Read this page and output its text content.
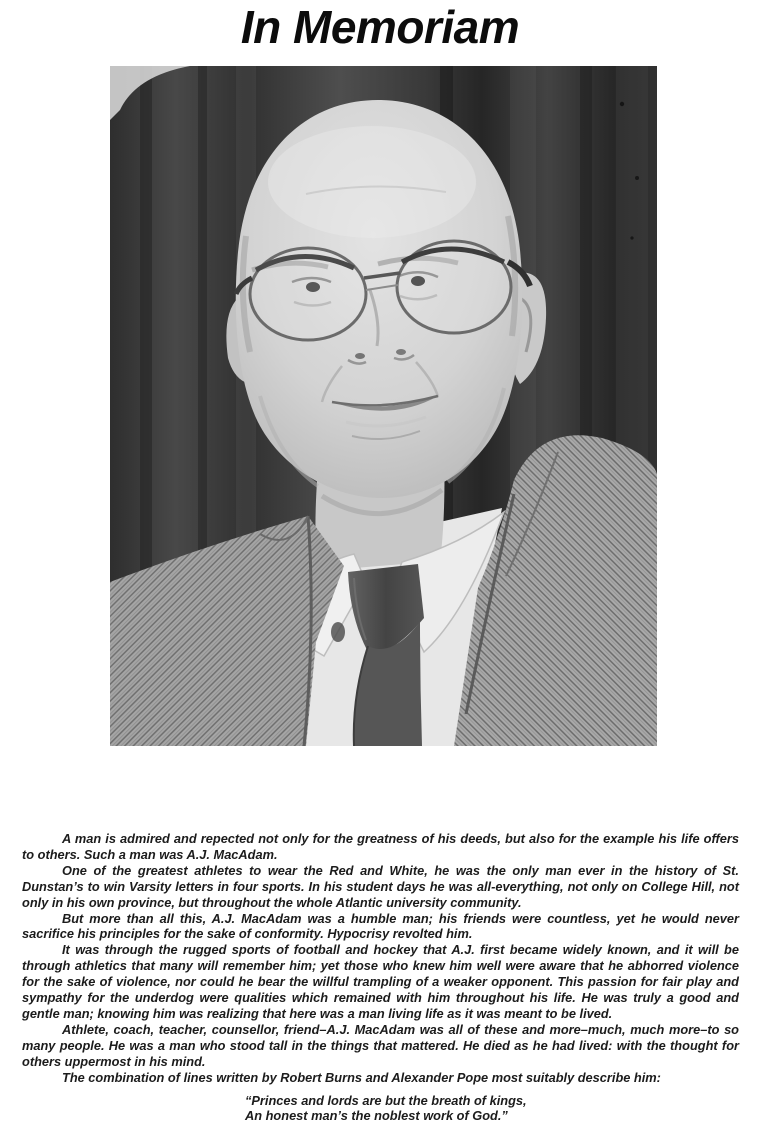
In Memoriam

A man is admired and repected not only for the greatness of his deeds, but also for the example his life offers to others. Such a man was A.J. MacAdam.

One of the greatest athletes to wear the Red and White, he was the only man ever in the history of St. Dunstan’s to win Varsity letters in four sports. In his student days he was all-everything, not only on College Hill, not only in his own province, but throughout the whole Atlantic university community.

But more than all this, A.J. MacAdam was a humble man; his friends were countless, yet he would never sacrifice his principles for the sake of conformity. Hypocrisy revolted him.

It was through the rugged sports of football and hockey that A.J. first became widely known, and it will be through athletics that many will remember him; yet those who knew him well were aware that he abhorred violence for the sake of violence, nor could he bear the willful trampling of a weaker opponent. This passion for fair play and sympathy for the underdog were qualities which remained with him throughout his life. He was truly a good and gentle man; knowing him was realizing that here was a man living life as it was meant to be lived.

Athlete, coach, teacher, counsellor, friend–A.J. MacAdam was all of these and more–much, much more–to so many people. He was a man who stood tall in the things that mattered. He died as he had lived: with the thought for others uppermost in his mind.

The combination of lines written by Robert Burns and Alexander Pope most suitably describe him:

“Princes and lords are but the breath of kings,

An honest man’s the noblest work of God.”
